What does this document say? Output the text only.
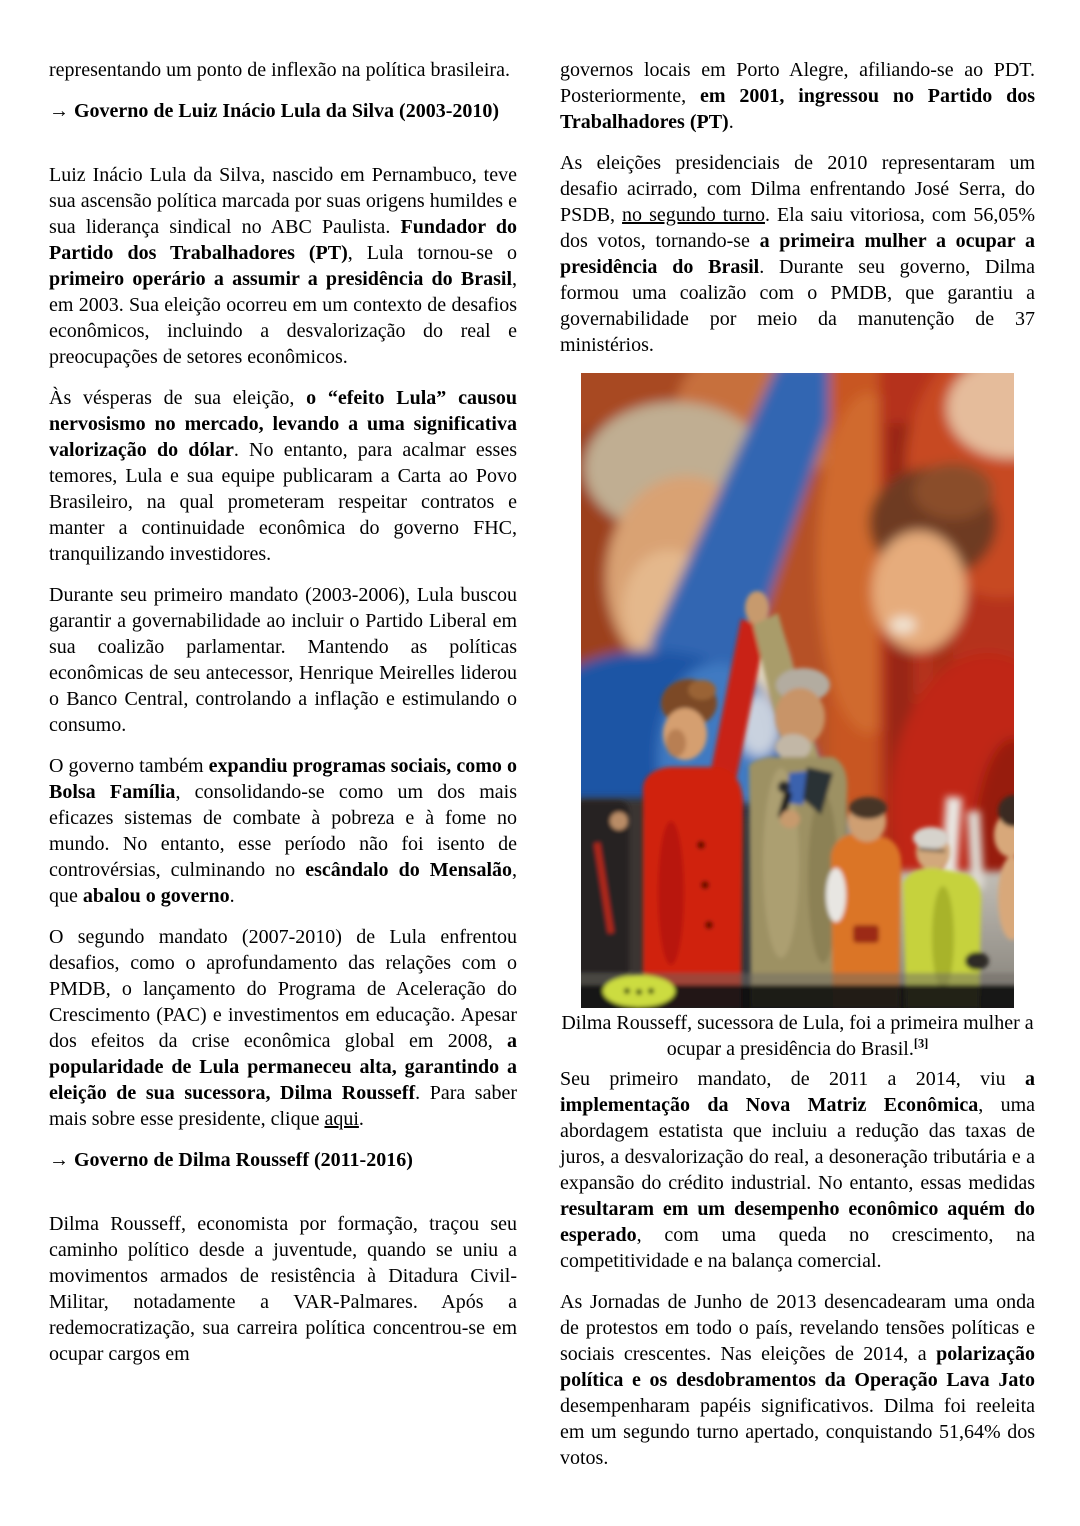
representando um ponto de inflexão na política brasileira.

→ Governo de Luiz Inácio Lula da Silva (2003-2010)

Luiz Inácio Lula da Silva, nascido em Pernambuco, teve sua ascensão política marcada por suas origens humildes e sua liderança sindical no ABC Paulista. Fundador do Partido dos Trabalhadores (PT), Lula tornou-se o primeiro operário a assumir a presidência do Brasil, em 2003. Sua eleição ocorreu em um contexto de desafios econômicos, incluindo a desvalorização do real e preocupações de setores econômicos.

Às vésperas de sua eleição, o “efeito Lula” causou nervosismo no mercado, levando a uma significativa valorização do dólar. No entanto, para acalmar esses temores, Lula e sua equipe publicaram a Carta ao Povo Brasileiro, na qual prometeram respeitar contratos e manter a continuidade econômica do governo FHC, tranquilizando investidores.

Durante seu primeiro mandato (2003-2006), Lula buscou garantir a governabilidade ao incluir o Partido Liberal em sua coalizão parlamentar. Mantendo as políticas econômicas de seu antecessor, Henrique Meirelles liderou o Banco Central, controlando a inflação e estimulando o consumo.

O governo também expandiu programas sociais, como o Bolsa Família, consolidando-se como um dos mais eficazes sistemas de combate à pobreza e à fome no mundo. No entanto, esse período não foi isento de controvérsias, culminando no escândalo do Mensalão, que abalou o governo.

O segundo mandato (2007-2010) de Lula enfrentou desafios, como o aprofundamento das relações com o PMDB, o lançamento do Programa de Aceleração do Crescimento (PAC) e investimentos em educação. Apesar dos efeitos da crise econômica global em 2008, a popularidade de Lula permaneceu alta, garantindo a eleição de sua sucessora, Dilma Rousseff. Para saber mais sobre esse presidente, clique aqui.

→ Governo de Dilma Rousseff (2011-2016)

Dilma Rousseff, economista por formação, traçou seu caminho político desde a juventude, quando se uniu a movimentos armados de resistência à Ditadura Civil-Militar, notadamente a VAR-Palmares. Após a redemocratização, sua carreira política concentrou-se em ocupar cargos em

governos locais em Porto Alegre, afiliando-se ao PDT. Posteriormente, em 2001, ingressou no Partido dos Trabalhadores (PT).

As eleições presidenciais de 2010 representaram um desafio acirrado, com Dilma enfrentando José Serra, do PSDB, no segundo turno. Ela saiu vitoriosa, com 56,05% dos votos, tornando-se a primeira mulher a ocupar a presidência do Brasil. Durante seu governo, Dilma formou uma coalizão com o PMDB, que garantiu a governabilidade por meio da manutenção de 37 ministérios.

Dilma Rousseff, sucessora de Lula, foi a primeira mulher a ocupar a presidência do Brasil.[3]

Seu primeiro mandato, de 2011 a 2014, viu a implementação da Nova Matriz Econômica, uma abordagem estatista que incluiu a redução das taxas de juros, a desvalorização do real, a desoneração tributária e a expansão do crédito industrial. No entanto, essas medidas resultaram em um desempenho econômico aquém do esperado, com uma queda no crescimento, na competitividade e na balança comercial.

As Jornadas de Junho de 2013 desencadearam uma onda de protestos em todo o país, revelando tensões políticas e sociais crescentes. Nas eleições de 2014, a polarização política e os desdobramentos da Operação Lava Jato desempenharam papéis significativos. Dilma foi reeleita em um segundo turno apertado, conquistando 51,64% dos votos.
